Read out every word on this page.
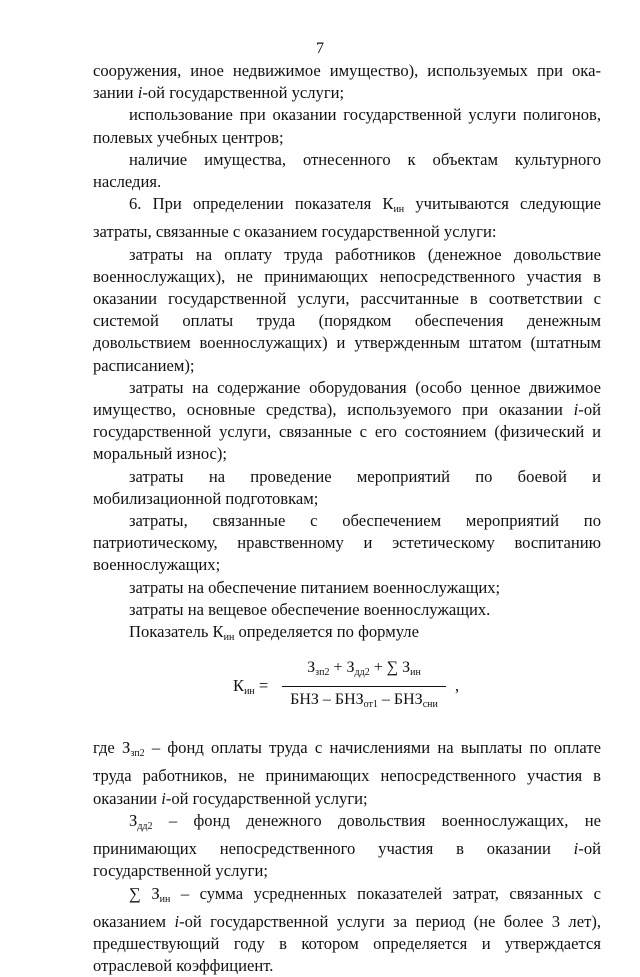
7

сооружения, иное недвижимое имущество), используемых при ока- зании i-ой государственной услуги;

использование при оказании государственной услуги полигонов, полевых учебных центров;

наличие имущества, отнесенного к объектам культурного наследия.

6. При определении показателя $К_{ин}$ учитываются следующие затраты, связанные с оказанием государственной услуги:

затраты на оплату труда работников (денежное довольствие военнослужащих), не принимающих непосредственного участия в оказании государственной услуги, рассчитанные в соответствии с системой оплаты труда (порядком обеспечения денежным довольствием военнослужащих) и утвержденным штатом (штатным расписанием);

затраты на содержание оборудования (особо ценное движимое имущество, основные средства), используемого при оказании i-ой государственной услуги, связанные с его состоянием (физический и моральный износ);

затраты на проведение мероприятий по боевой и мобилизационной подготовкам;

затраты, связанные с обеспечением мероприятий по патриотическому, нравственному и эстетическому воспитанию военнослужащих;

затраты на обеспечение питанием военнослужащих;

затраты на вещевое обеспечение военнослужащих.

Показатель $К_{ин}$ определяется по формуле

$К_{ин}$ =
$З_{зп2} + З_{дд2}$ + ∑ $З_{ин}$
БНЗ – $БНЗ_{от1} - БНЗ_{сни}$
,

где $З_{зп2}$ – фонд оплаты труда с начислениями на выплаты по оплате труда работников, не принимающих непосредственного участия в оказании i-ой государственной услуги;

$З_{дд2}$ – фонд денежного довольствия военнослужащих, не принимающих непосредственного участия в оказании i-ой государственной услуги;

∑ $З_{ин}$ – сумма усредненных показателей затрат, связанных с оказанием i-ой государственной услуги за период (не более 3 лет), предшествующий году в котором определяется и утверждается отраслевой коэффициент.
